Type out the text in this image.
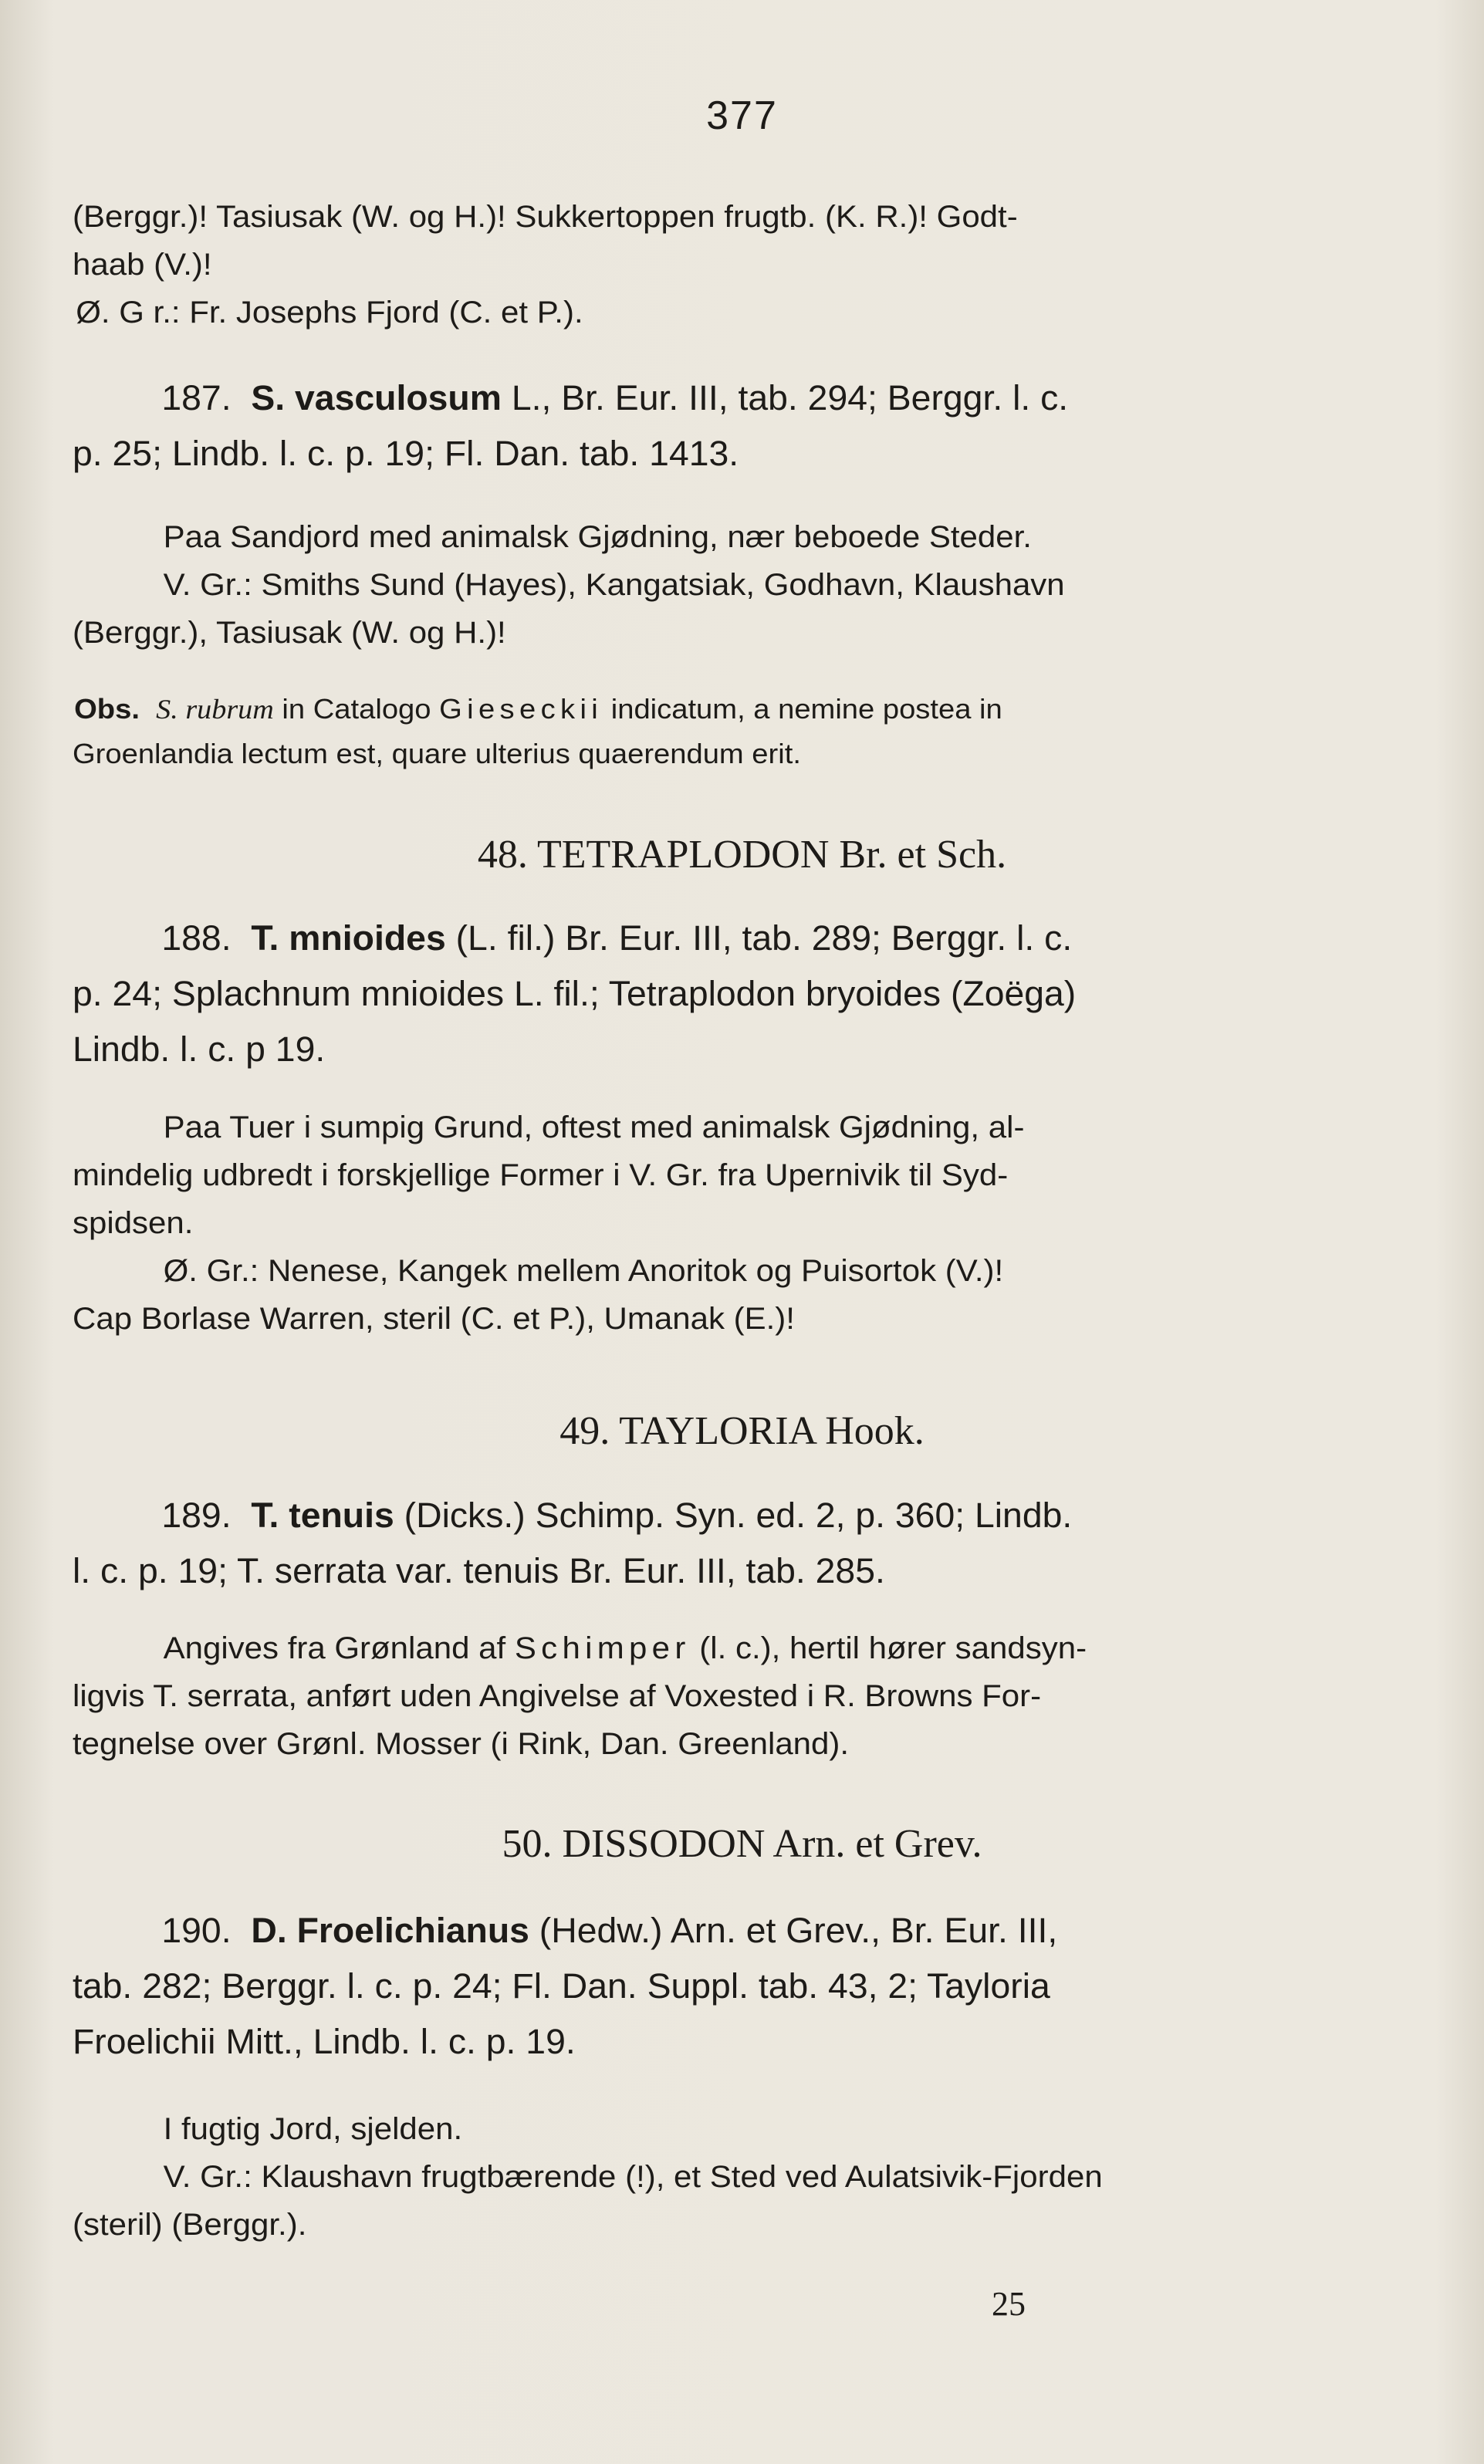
377
(Berggr.)! Tasiusak (W. og H.)! Sukkertoppen frugtb. (K. R.)! Godt-
haab (V.)!
Ø. G r.: Fr. Josephs Fjord (C. et P.).
187. S. vasculosum L., Br. Eur. III, tab. 294; Berggr. l. c.
p. 25; Lindb. l. c. p. 19; Fl. Dan. tab. 1413.
Paa Sandjord med animalsk Gjødning, nær beboede Steder.
V. Gr.: Smiths Sund (Hayes), Kangatsiak, Godhavn, Klaushavn
(Berggr.), Tasiusak (W. og H.)!
Obs. S. rubrum in Catalogo Gieseckii indicatum, a nemine postea in
Groenlandia lectum est, quare ulterius quaerendum erit.
48. TETRAPLODON Br. et Sch.
188. T. mnioides (L. fil.) Br. Eur. III, tab. 289; Berggr. l. c.
p. 24; Splachnum mnioides L. fil.; Tetraplodon bryoides (Zoëga)
Lindb. l. c. p 19.
Paa Tuer i sumpig Grund, oftest med animalsk Gjødning, al-
mindelig udbredt i forskjellige Former i V. Gr. fra Upernivik til Syd-
spidsen.
Ø. Gr.: Nenese, Kangek mellem Anoritok og Puisortok (V.)!
Cap Borlase Warren, steril (C. et P.), Umanak (E.)!
49. TAYLORIA Hook.
189. T. tenuis (Dicks.) Schimp. Syn. ed. 2, p. 360; Lindb.
l. c. p. 19; T. serrata var. tenuis Br. Eur. III, tab. 285.
Angives fra Grønland af Schimper (l. c.), hertil hører sandsyn-
ligvis T. serrata, anført uden Angivelse af Voxested i R. Browns For-
tegnelse over Grønl. Mosser (i Rink, Dan. Greenland).
50. DISSODON Arn. et Grev.
190. D. Froelichianus (Hedw.) Arn. et Grev., Br. Eur. III,
tab. 282; Berggr. l. c. p. 24; Fl. Dan. Suppl. tab. 43, 2; Tayloria
Froelichii Mitt., Lindb. l. c. p. 19.
I fugtig Jord, sjelden.
V. Gr.: Klaushavn frugtbærende (!), et Sted ved Aulatsivik-Fjorden
(steril) (Berggr.).
25
